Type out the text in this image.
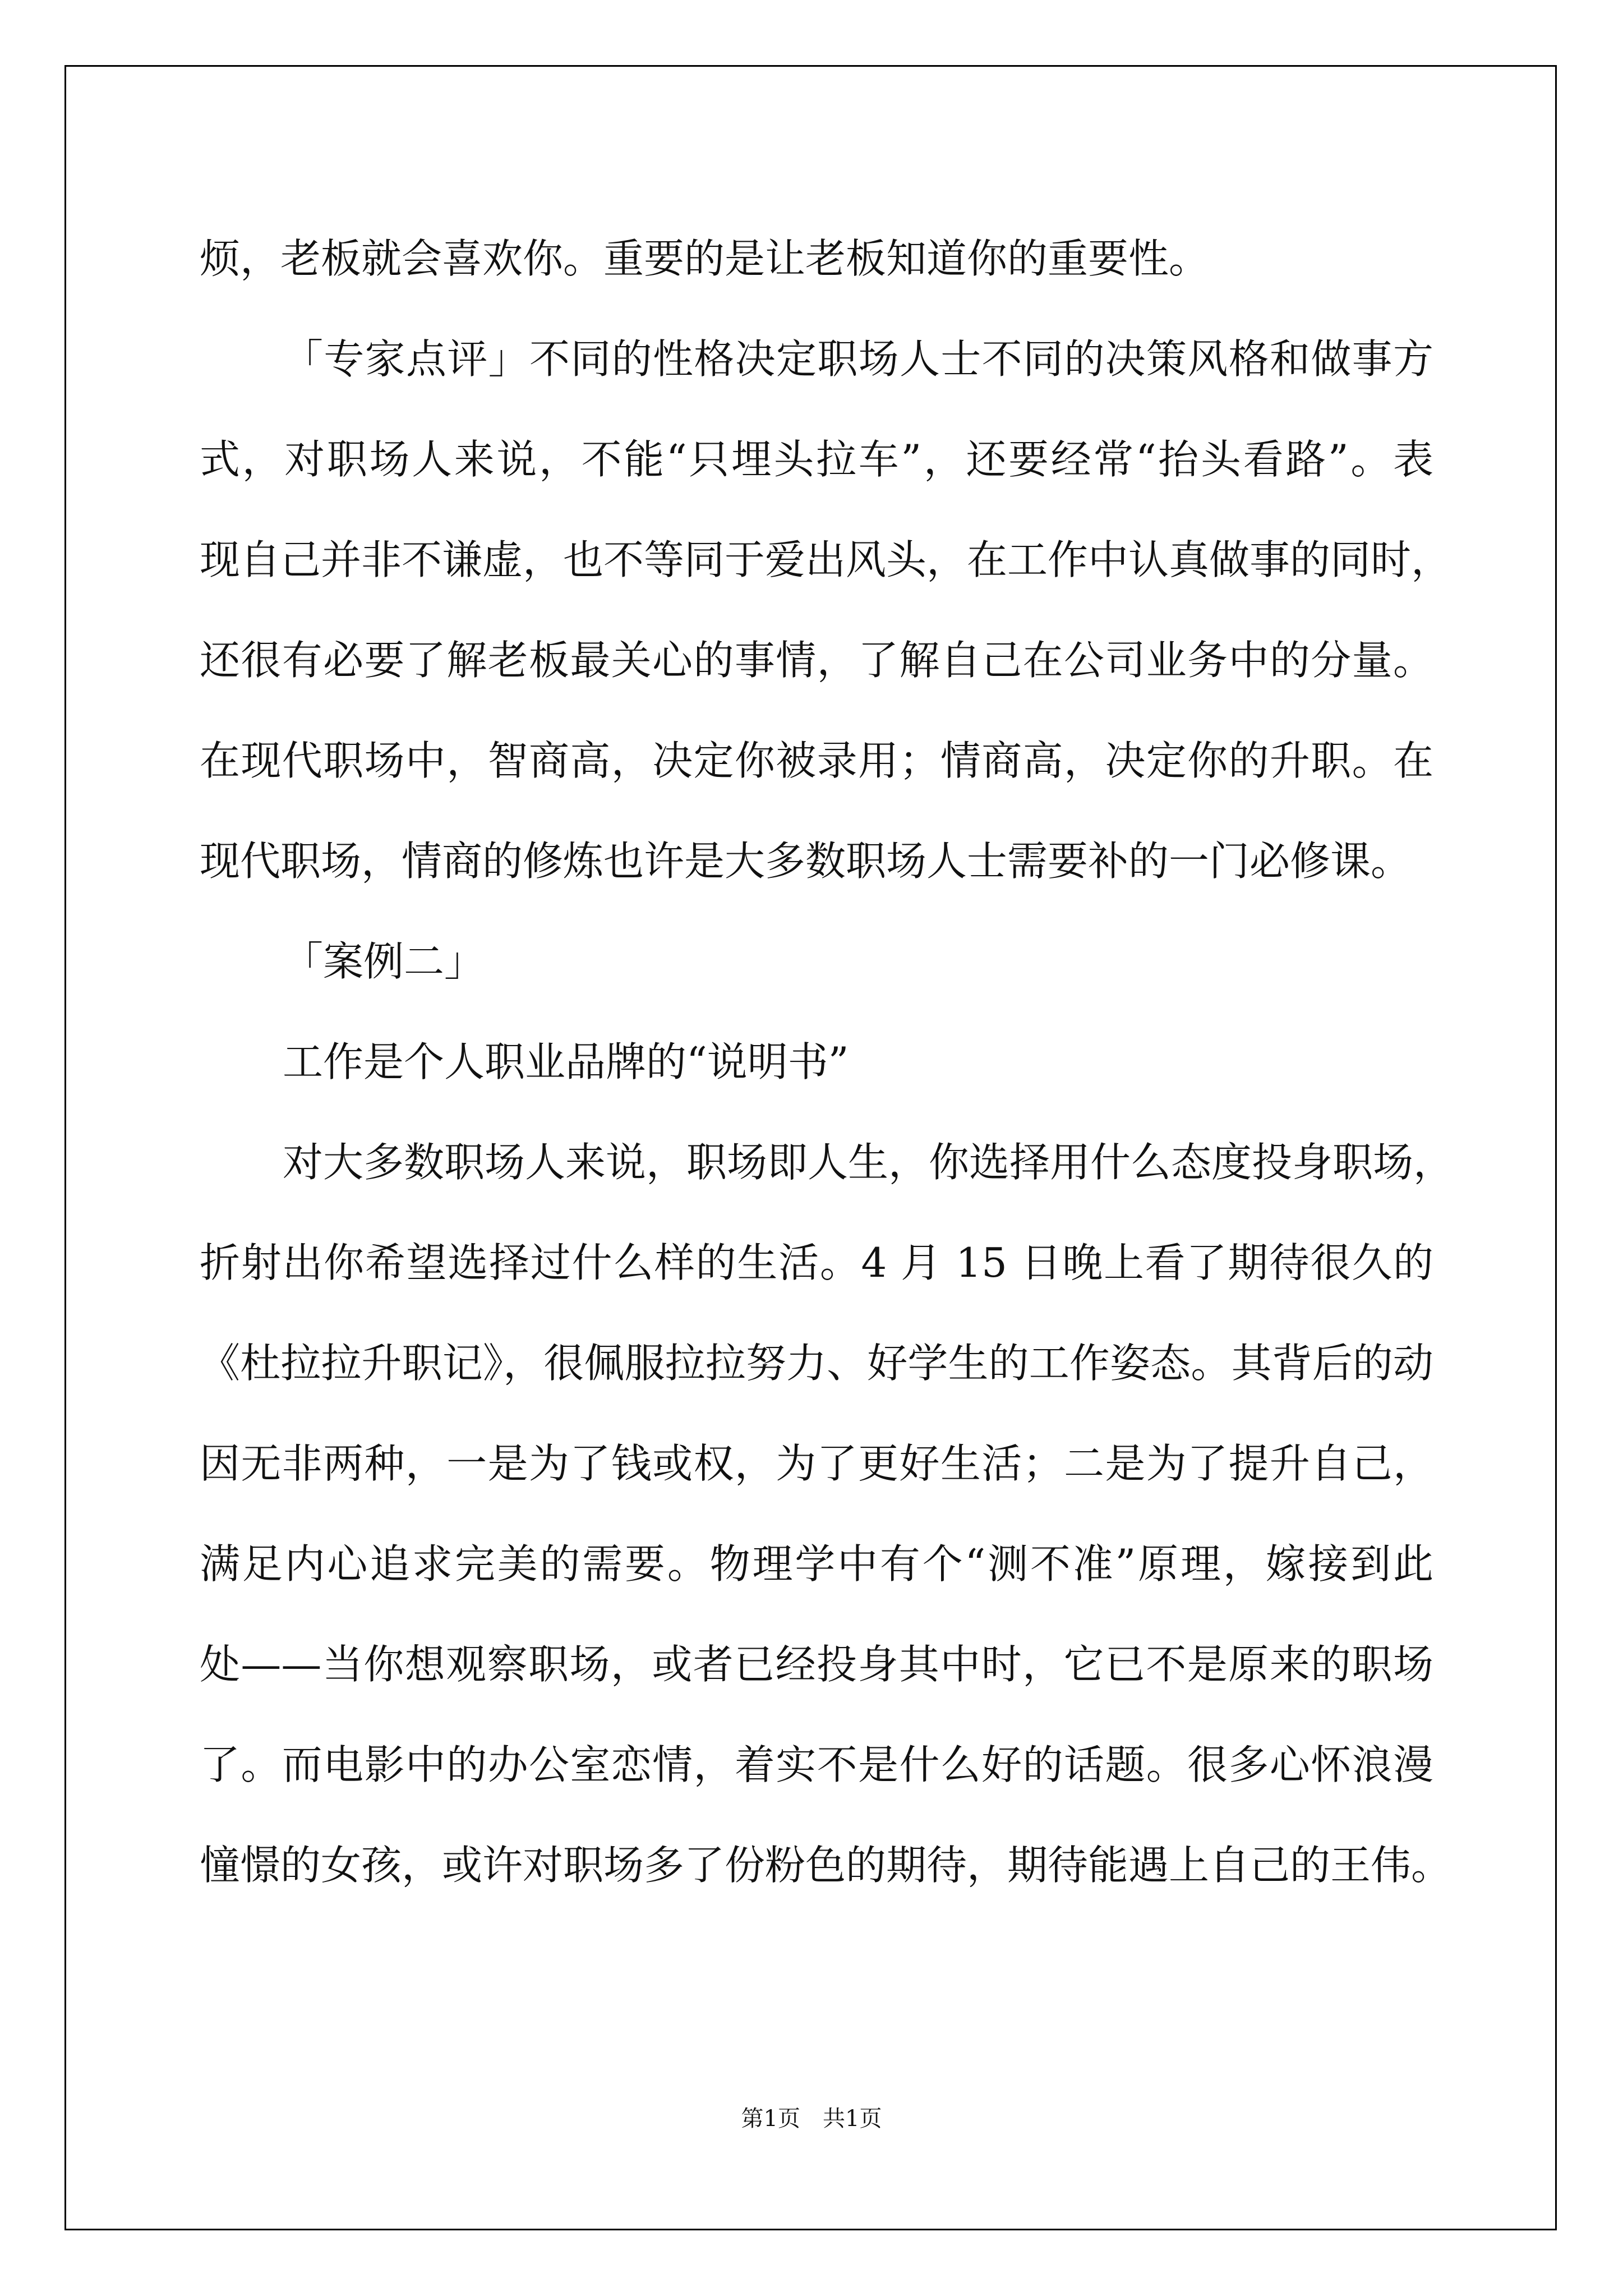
烦，老板就会喜欢你。重要的是让老板知道你的重要性。
「专家点评」不同的性格决定职场人士不同的决策风格和做事方
式，对职场人来说，不能“只埋头拉车”，还要经常“抬头看路”。表
现自己并非不谦虚，也不等同于爱出风头，在工作中认真做事的同时，
还很有必要了解老板最关心的事情，了解自己在公司业务中的分量。
在现代职场中，智商高，决定你被录用；情商高，决定你的升职。在
现代职场，情商的修炼也许是大多数职场人士需要补的一门必修课。
「案例二」
工作是个人职业品牌的“说明书”
对大多数职场人来说，职场即人生，你选择用什么态度投身职场，
折射出你希望选择过什么样的生活。4 月 15 日晚上看了期待很久的
《杜拉拉升职记》，很佩服拉拉努力、好学生的工作姿态。其背后的动
因无非两种，一是为了钱或权，为了更好生活；二是为了提升自己，
满足内心追求完美的需要。物理学中有个“测不准”原理，嫁接到此
处——当你想观察职场，或者已经投身其中时，它已不是原来的职场
了。而电影中的办公室恋情，着实不是什么好的话题。很多心怀浪漫
憧憬的女孩，或许对职场多了份粉色的期待，期待能遇上自己的王伟。
第1页　共1页
